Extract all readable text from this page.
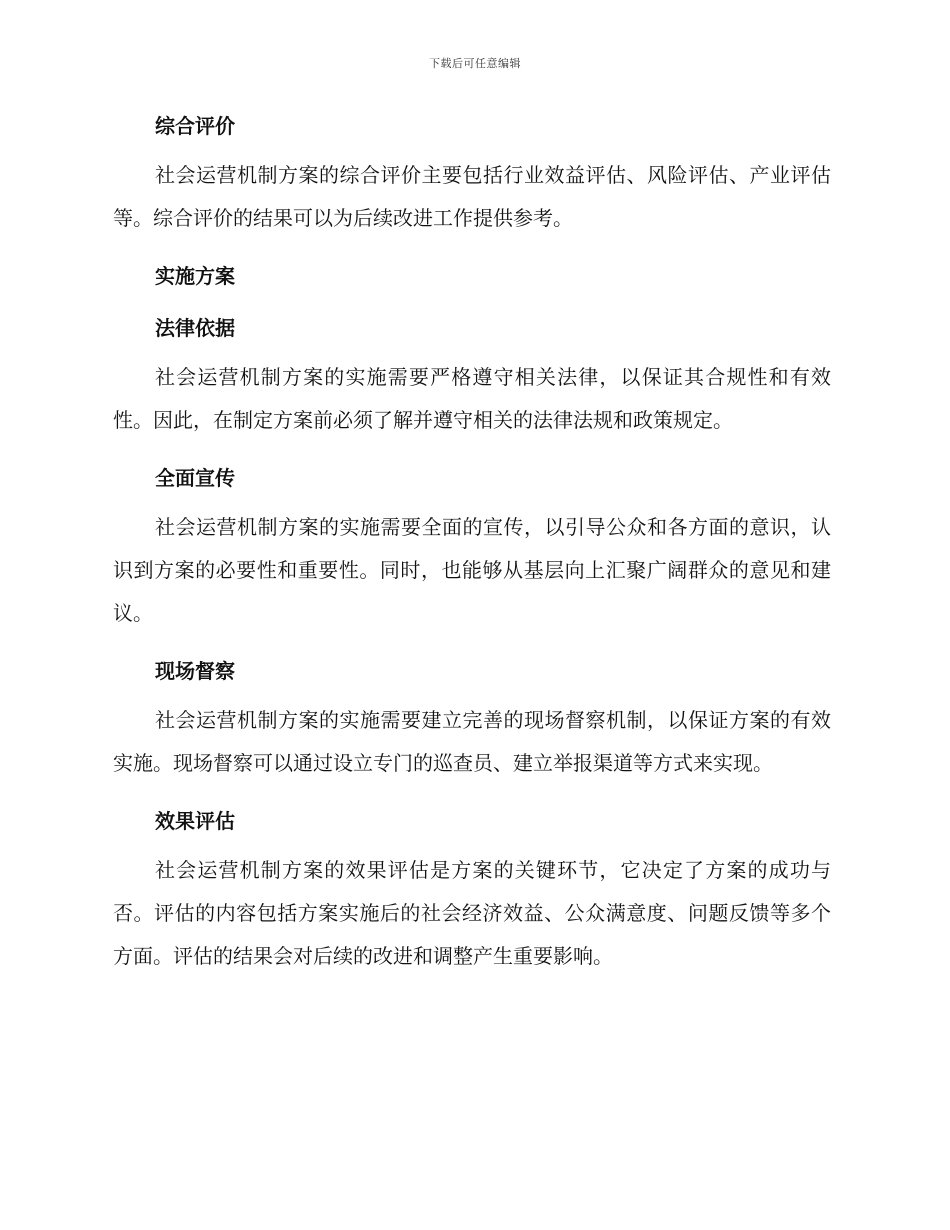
下载后可任意编辑
综合评价

社会运营机制方案的综合评价主要包括行业效益评估、风险评估、产业评估等。综合评价的结果可以为后续改进工作提供参考。

实施方案
法律依据

社会运营机制方案的实施需要严格遵守相关法律，以保证其合规性和有效性。因此，在制定方案前必须了解并遵守相关的法律法规和政策规定。

全面宣传

社会运营机制方案的实施需要全面的宣传，以引导公众和各方面的意识，认识到方案的必要性和重要性。同时，也能够从基层向上汇聚广阔群众的意见和建议。

现场督察

社会运营机制方案的实施需要建立完善的现场督察机制，以保证方案的有效实施。现场督察可以通过设立专门的巡查员、建立举报渠道等方式来实现。

效果评估

社会运营机制方案的效果评估是方案的关键环节，它决定了方案的成功与否。评估的内容包括方案实施后的社会经济效益、公众满意度、问题反馈等多个方面。评估的结果会对后续的改进和调整产生重要影响。
